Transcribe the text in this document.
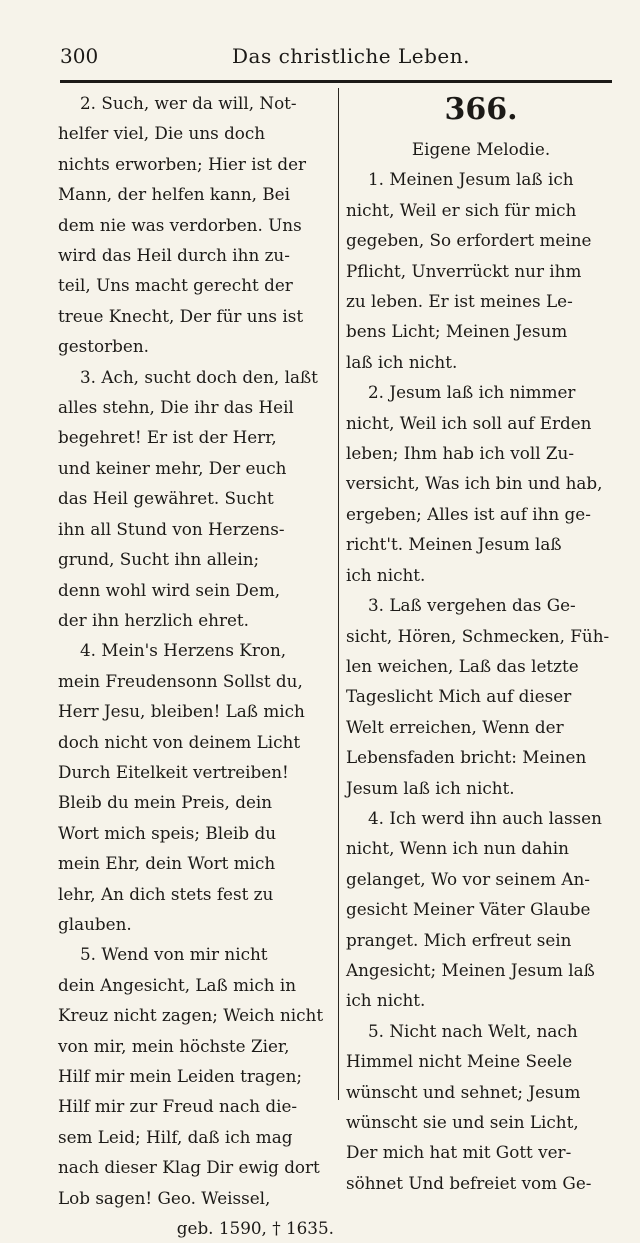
300	Das christliche Leben.
2. Such, wer da will, Not-
helfer viel, Die uns doch
nichts erworben; Hier ist der
Mann, der helfen kann, Bei
dem nie was verdorben. Uns
wird das Heil durch ihn zu-
teil, Uns macht gerecht der
treue Knecht, Der für uns ist
gestorben.
3. Ach, sucht doch den, laßt
alles stehn, Die ihr das Heil
begehret! Er ist der Herr,
und keiner mehr, Der euch
das Heil gewähret. Sucht
ihn all Stund von Herzens-
grund, Sucht ihn allein;
denn wohl wird sein Dem,
der ihn herzlich ehret.
4. Mein's Herzens Kron,
mein Freudensonn Sollst du,
Herr Jesu, bleiben! Laß mich
doch nicht von deinem Licht
Durch Eitelkeit vertreiben!
Bleib du mein Preis, dein
Wort mich speis; Bleib du
mein Ehr, dein Wort mich
lehr, An dich stets fest zu
glauben.
5. Wend von mir nicht
dein Angesicht, Laß mich in
Kreuz nicht zagen; Weich nicht
von mir, mein höchste Zier,
Hilf mir mein Leiden tragen;
Hilf mir zur Freud nach die-
sem Leid; Hilf, daß ich mag
nach dieser Klag Dir ewig dort
Lob sagen! Geo. Weissel,
geb. 1590, † 1635.
366.
Eigene Melodie.
1. Meinen Jesum laß ich
nicht, Weil er sich für mich
gegeben, So erfordert meine
Pflicht, Unverrückt nur ihm
zu leben. Er ist meines Le-
bens Licht; Meinen Jesum
laß ich nicht.
2. Jesum laß ich nimmer
nicht, Weil ich soll auf Erden
leben; Ihm hab ich voll Zu-
versicht, Was ich bin und hab,
ergeben; Alles ist auf ihn ge-
richt't. Meinen Jesum laß
ich nicht.
3. Laß vergehen das Ge-
sicht, Hören, Schmecken, Füh-
len weichen, Laß das letzte
Tageslicht Mich auf dieser
Welt erreichen, Wenn der
Lebensfaden bricht: Meinen
Jesum laß ich nicht.
4. Ich werd ihn auch lassen
nicht, Wenn ich nun dahin
gelanget, Wo vor seinem An-
gesicht Meiner Väter Glaube
pranget. Mich erfreut sein
Angesicht; Meinen Jesum laß
ich nicht.
5. Nicht nach Welt, nach
Himmel nicht Meine Seele
wünscht und sehnet; Jesum
wünscht sie und sein Licht,
Der mich hat mit Gott ver-
söhnet Und befreiet vom Ge-
